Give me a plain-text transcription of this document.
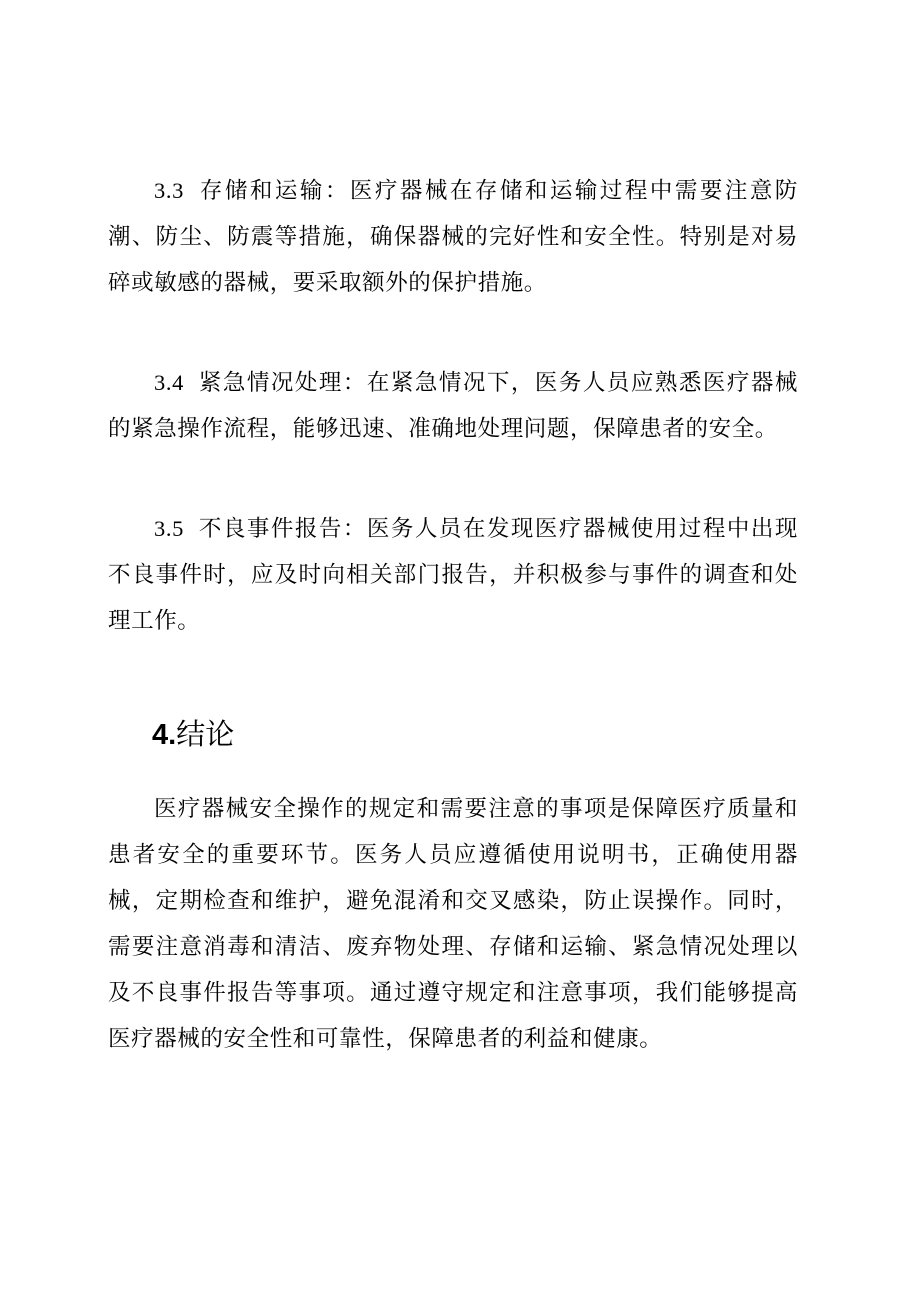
3.3 存储和运输：医疗器械在存储和运输过程中需要注意防潮、防尘、防震等措施，确保器械的完好性和安全性。特别是对易碎或敏感的器械，要采取额外的保护措施。

3.4 紧急情况处理：在紧急情况下，医务人员应熟悉医疗器械的紧急操作流程，能够迅速、准确地处理问题，保障患者的安全。

3.5 不良事件报告：医务人员在发现医疗器械使用过程中出现不良事件时，应及时向相关部门报告，并积极参与事件的调查和处理工作。

4.结论

医疗器械安全操作的规定和需要注意的事项是保障医疗质量和患者安全的重要环节。医务人员应遵循使用说明书，正确使用器械，定期检查和维护，避免混淆和交叉感染，防止误操作。同时，需要注意消毒和清洁、废弃物处理、存储和运输、紧急情况处理以及不良事件报告等事项。通过遵守规定和注意事项，我们能够提高医疗器械的安全性和可靠性，保障患者的利益和健康。
